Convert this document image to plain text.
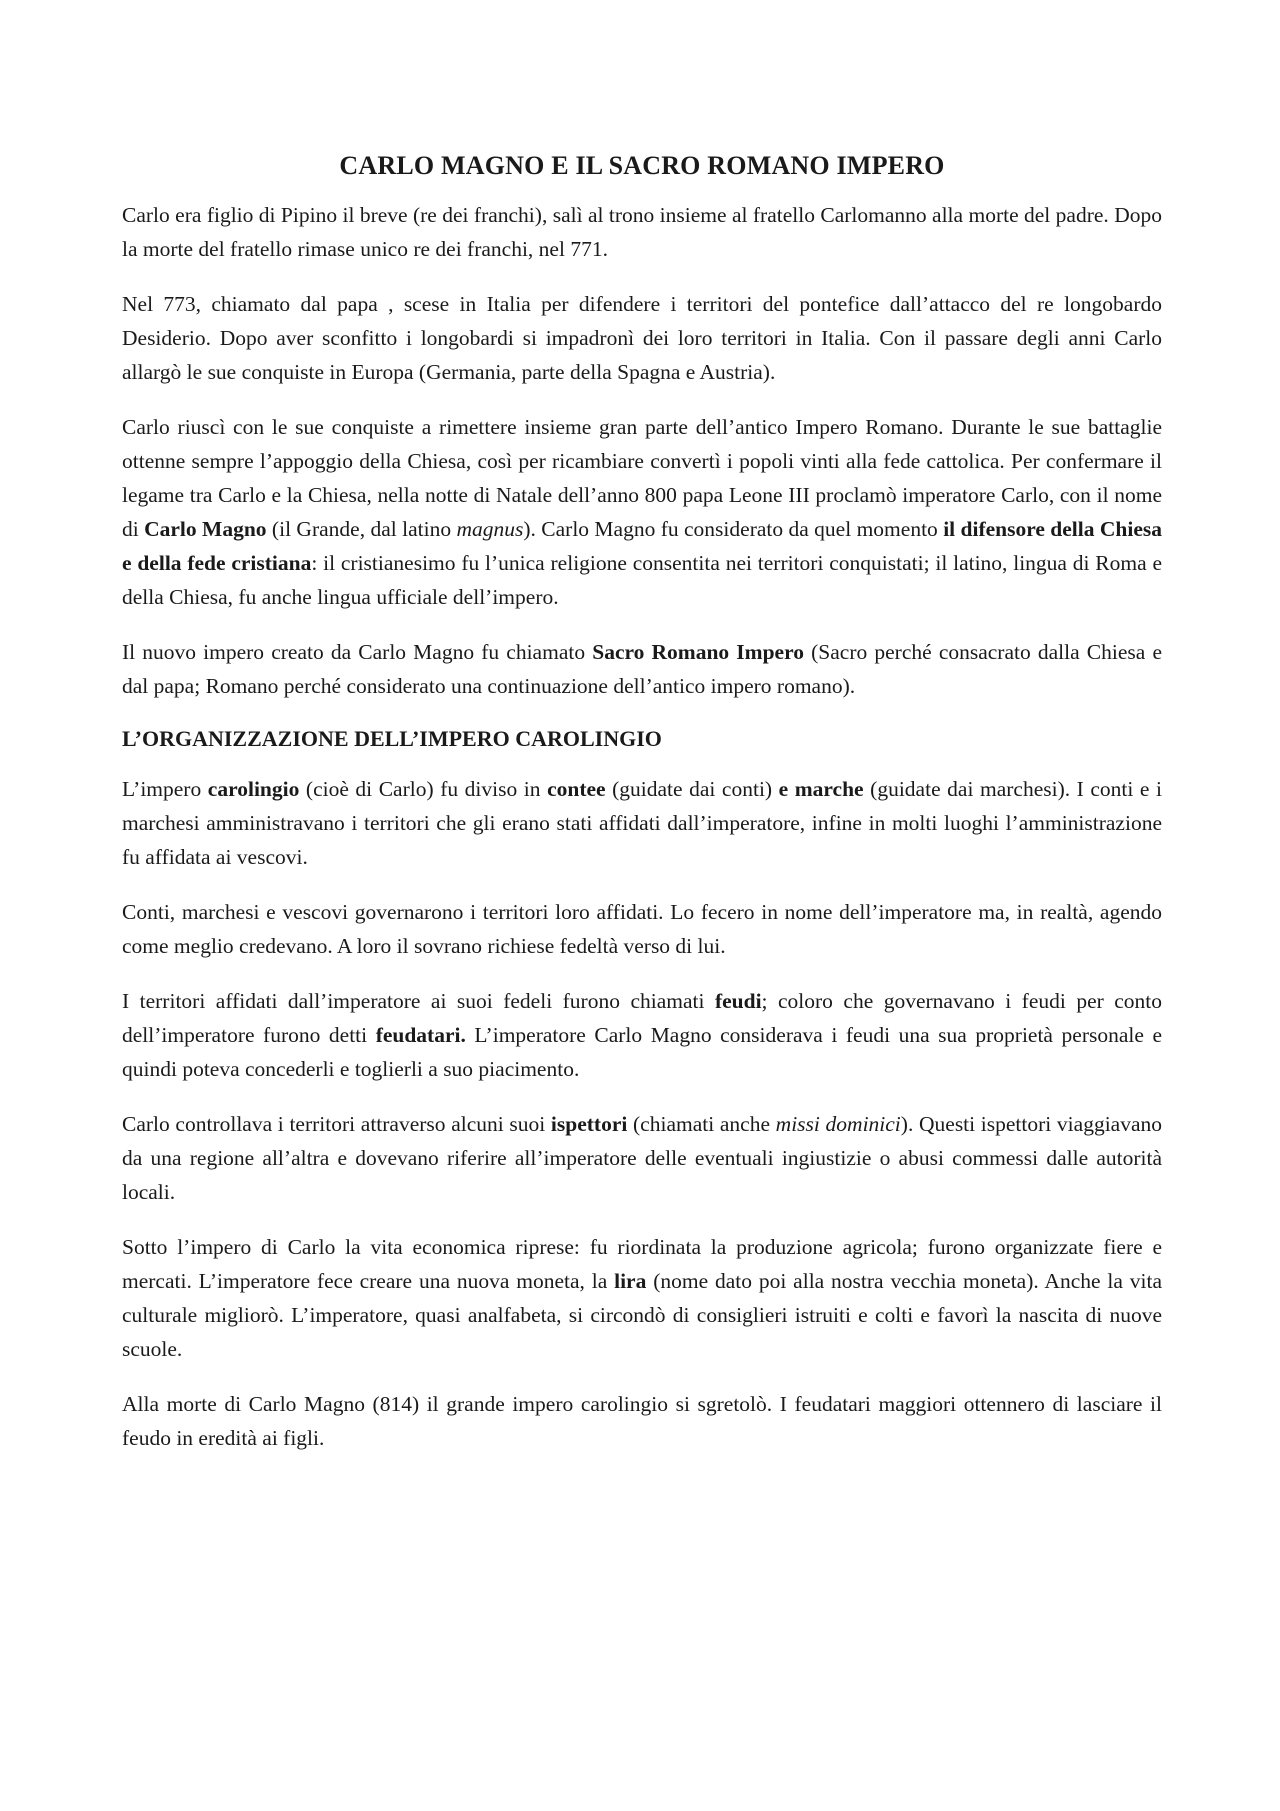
CARLO MAGNO E IL SACRO ROMANO IMPERO

Carlo era figlio di Pipino il breve (re dei franchi), salì al trono insieme al fratello Carlomanno alla morte del padre. Dopo la morte del fratello rimase unico re dei franchi, nel 771.

Nel 773, chiamato dal papa , scese in Italia per difendere i territori del pontefice dall’attacco del re longobardo Desiderio. Dopo aver sconfitto i longobardi si impadronì dei loro territori in Italia. Con il passare degli anni Carlo allargò le sue conquiste in Europa (Germania, parte della Spagna e Austria).

Carlo riuscì con le sue conquiste a rimettere insieme gran parte dell’antico Impero Romano. Durante le sue battaglie ottenne sempre l’appoggio della Chiesa, così per ricambiare convertì i popoli vinti alla fede cattolica. Per confermare il legame tra Carlo e la Chiesa, nella notte di Natale dell’anno 800 papa Leone III proclamò imperatore Carlo, con il nome di Carlo Magno (il Grande, dal latino magnus). Carlo Magno fu considerato da quel momento il difensore della Chiesa e della fede cristiana: il cristianesimo fu l’unica religione consentita nei territori conquistati; il latino, lingua di Roma e della Chiesa, fu anche lingua ufficiale dell’impero.

Il nuovo impero creato da Carlo Magno fu chiamato Sacro Romano Impero (Sacro perché consacrato dalla Chiesa e dal papa; Romano perché considerato una continuazione dell’antico impero romano).

L’ORGANIZZAZIONE DELL’IMPERO CAROLINGIO

L’impero carolingio (cioè di Carlo) fu diviso in contee (guidate dai conti) e marche (guidate dai marchesi). I conti e i marchesi amministravano i territori che gli erano stati affidati dall’imperatore, infine in molti luoghi l’amministrazione fu affidata ai vescovi.

Conti, marchesi e vescovi governarono i territori loro affidati. Lo fecero in nome dell’imperatore ma, in realtà, agendo come meglio credevano. A loro il sovrano richiese fedeltà verso di lui.

I territori affidati dall’imperatore ai suoi fedeli furono chiamati feudi; coloro che governavano i feudi per conto dell’imperatore furono detti feudatari. L’imperatore Carlo Magno considerava i feudi una sua proprietà personale e quindi poteva concederli e toglierli a suo piacimento.

Carlo controllava i territori attraverso alcuni suoi ispettori (chiamati anche missi dominici). Questi ispettori viaggiavano da una regione all’altra e dovevano riferire all’imperatore delle eventuali ingiustizie o abusi commessi dalle autorità locali.

Sotto l’impero di Carlo la vita economica riprese: fu riordinata la produzione agricola; furono organizzate fiere e mercati. L’imperatore fece creare una nuova moneta, la lira (nome dato poi alla nostra vecchia moneta). Anche la vita culturale migliorò. L’imperatore, quasi analfabeta, si circondò di consiglieri istruiti e colti e favorì la nascita di nuove scuole.

Alla morte di Carlo Magno (814) il grande impero carolingio si sgretolò. I feudatari maggiori ottennero di lasciare il feudo in eredità ai figli.
